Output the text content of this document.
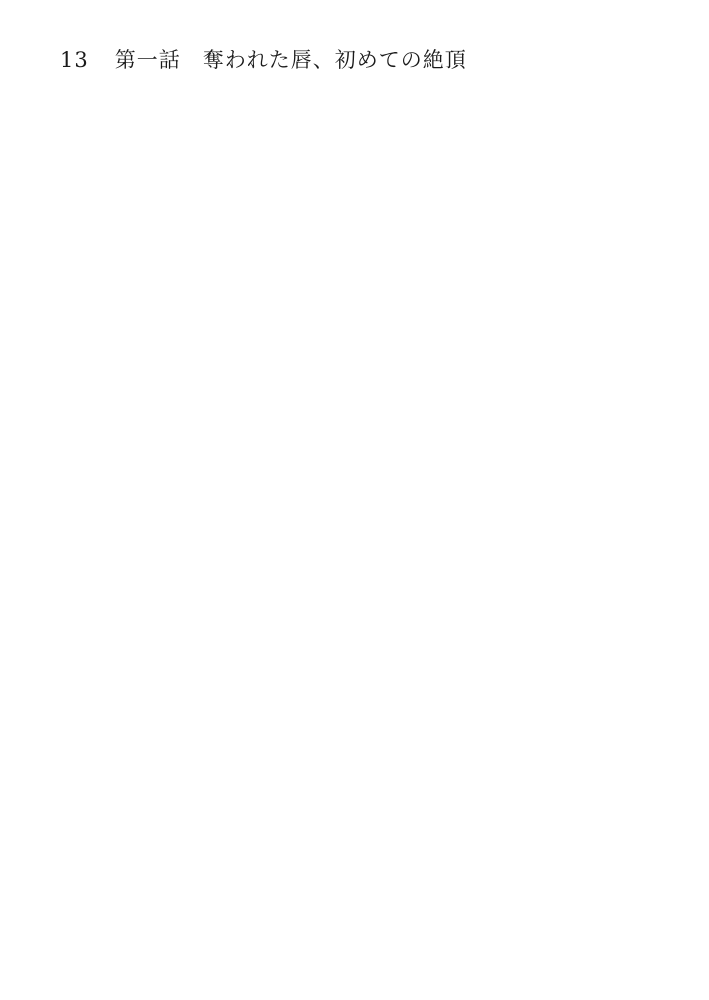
13 第一話 奪われた唇、初めての絶頂
